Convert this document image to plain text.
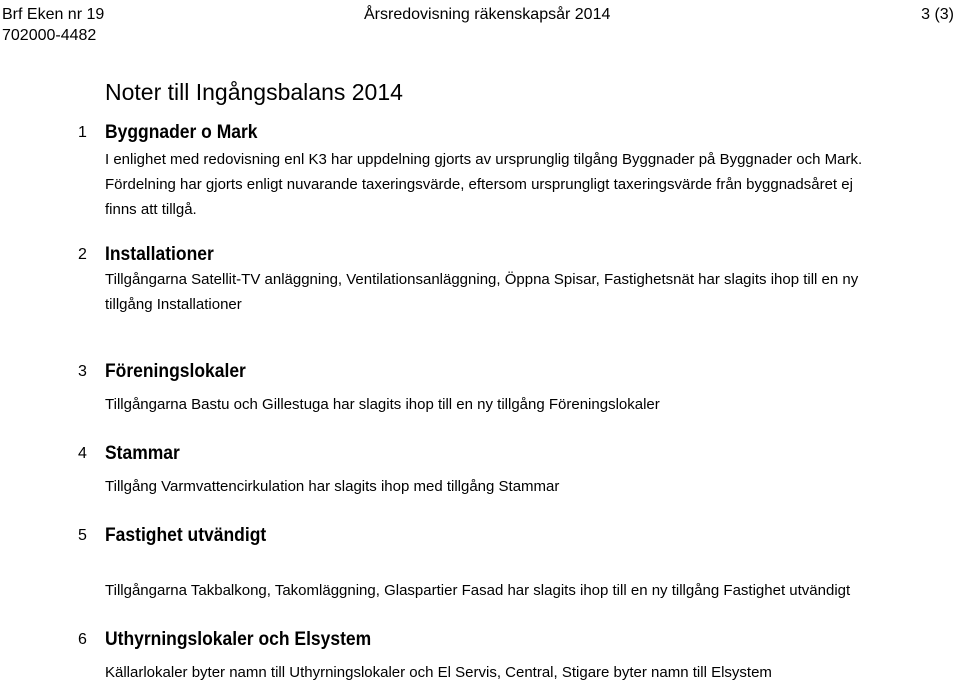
Brf Eken nr 19
702000-4482
Årsredovisning räkenskapsår 2014	3 (3)
Noter till Ingångsbalans 2014
1 Byggnader o Mark

I enlighet med redovisning enl K3 har uppdelning gjorts av ursprunglig tilgång Byggnader på Byggnader och Mark.
Fördelning har gjorts enligt nuvarande taxeringsvärde, eftersom ursprungligt taxeringsvärde från byggnadsåret ej
finns att tillgå.

2 Installationer

Tillgångarna Satellit-TV anläggning, Ventilationsanläggning, Öppna Spisar, Fastighetsnät har slagits ihop till en ny
tillgång Installationer

3 Föreningslokaler

Tillgångarna Bastu och Gillestuga har slagits ihop till en ny tillgång Föreningslokaler

4 Stammar

Tillgång Varmvattencirkulation har slagits ihop med tillgång Stammar

5 Fastighet utvändigt

Tillgångarna Takbalkong, Takomläggning, Glaspartier Fasad har slagits ihop till en ny tillgång Fastighet utvändigt

6 Uthyrningslokaler och Elsystem

Källarlokaler byter namn till Uthyrningslokaler och El Servis, Central, Stigare byter namn till Elsystem
